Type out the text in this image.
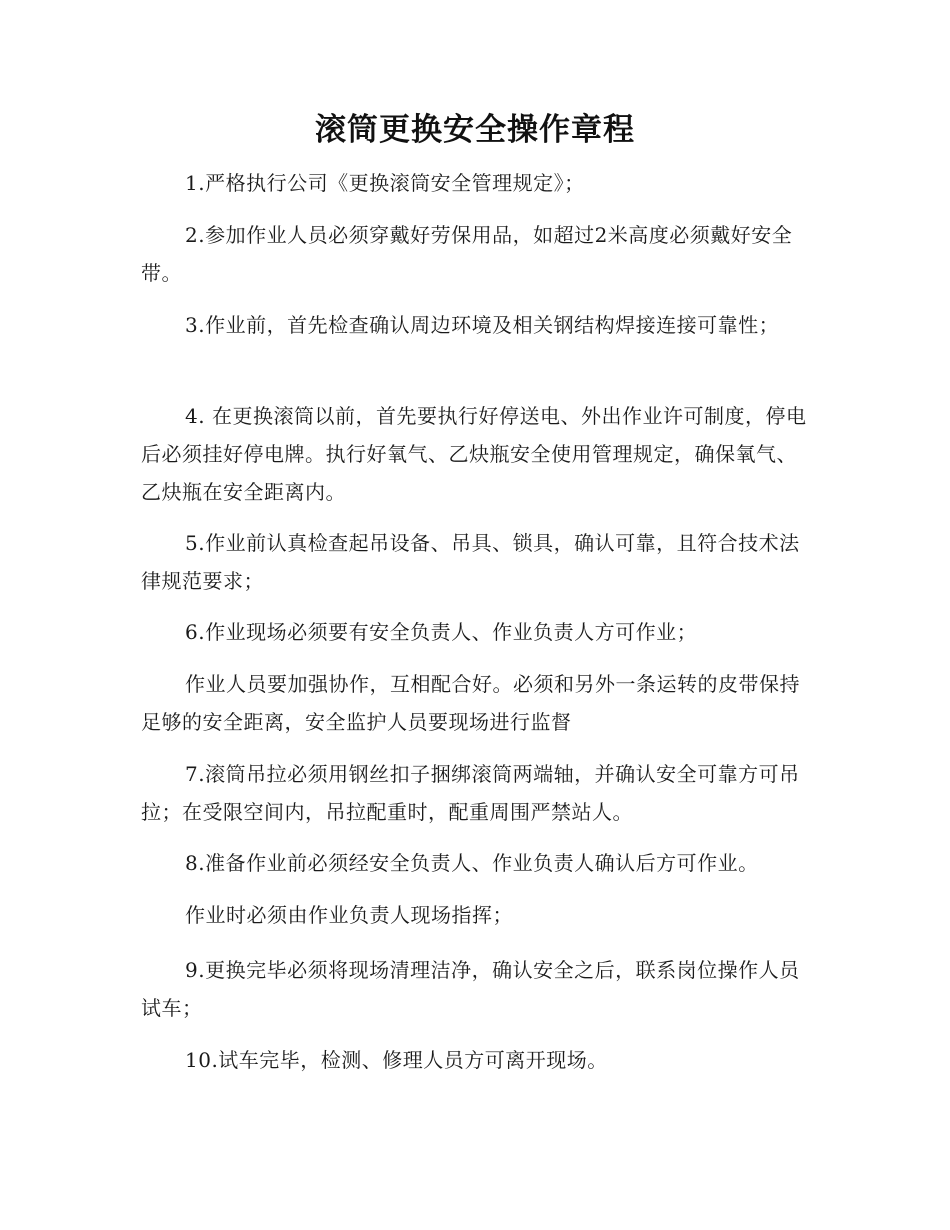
滚筒更换安全操作章程

1.严格执行公司《更换滚筒安全管理规定》；

2.参加作业人员必须穿戴好劳保用品，如超过2米高度必须戴好安全带。

3.作业前，首先检查确认周边环境及相关钢结构焊接连接可靠性；

4. 在更换滚筒以前，首先要执行好停送电、外出作业许可制度，停电后必须挂好停电牌。执行好氧气、乙炔瓶安全使用管理规定，确保氧气、乙炔瓶在安全距离内。

5.作业前认真检查起吊设备、吊具、锁具，确认可靠，且符合技术法律规范要求；

6.作业现场必须要有安全负责人、作业负责人方可作业；

作业人员要加强协作，互相配合好。必须和另外一条运转的皮带保持足够的安全距离，安全监护人员要现场进行监督

7.滚筒吊拉必须用钢丝扣子捆绑滚筒两端轴，并确认安全可靠方可吊拉；在受限空间内，吊拉配重时，配重周围严禁站人。

8.准备作业前必须经安全负责人、作业负责人确认后方可作业。

作业时必须由作业负责人现场指挥；

9.更换完毕必须将现场清理洁净，确认安全之后，联系岗位操作人员试车；

10.试车完毕，检测、修理人员方可离开现场。
